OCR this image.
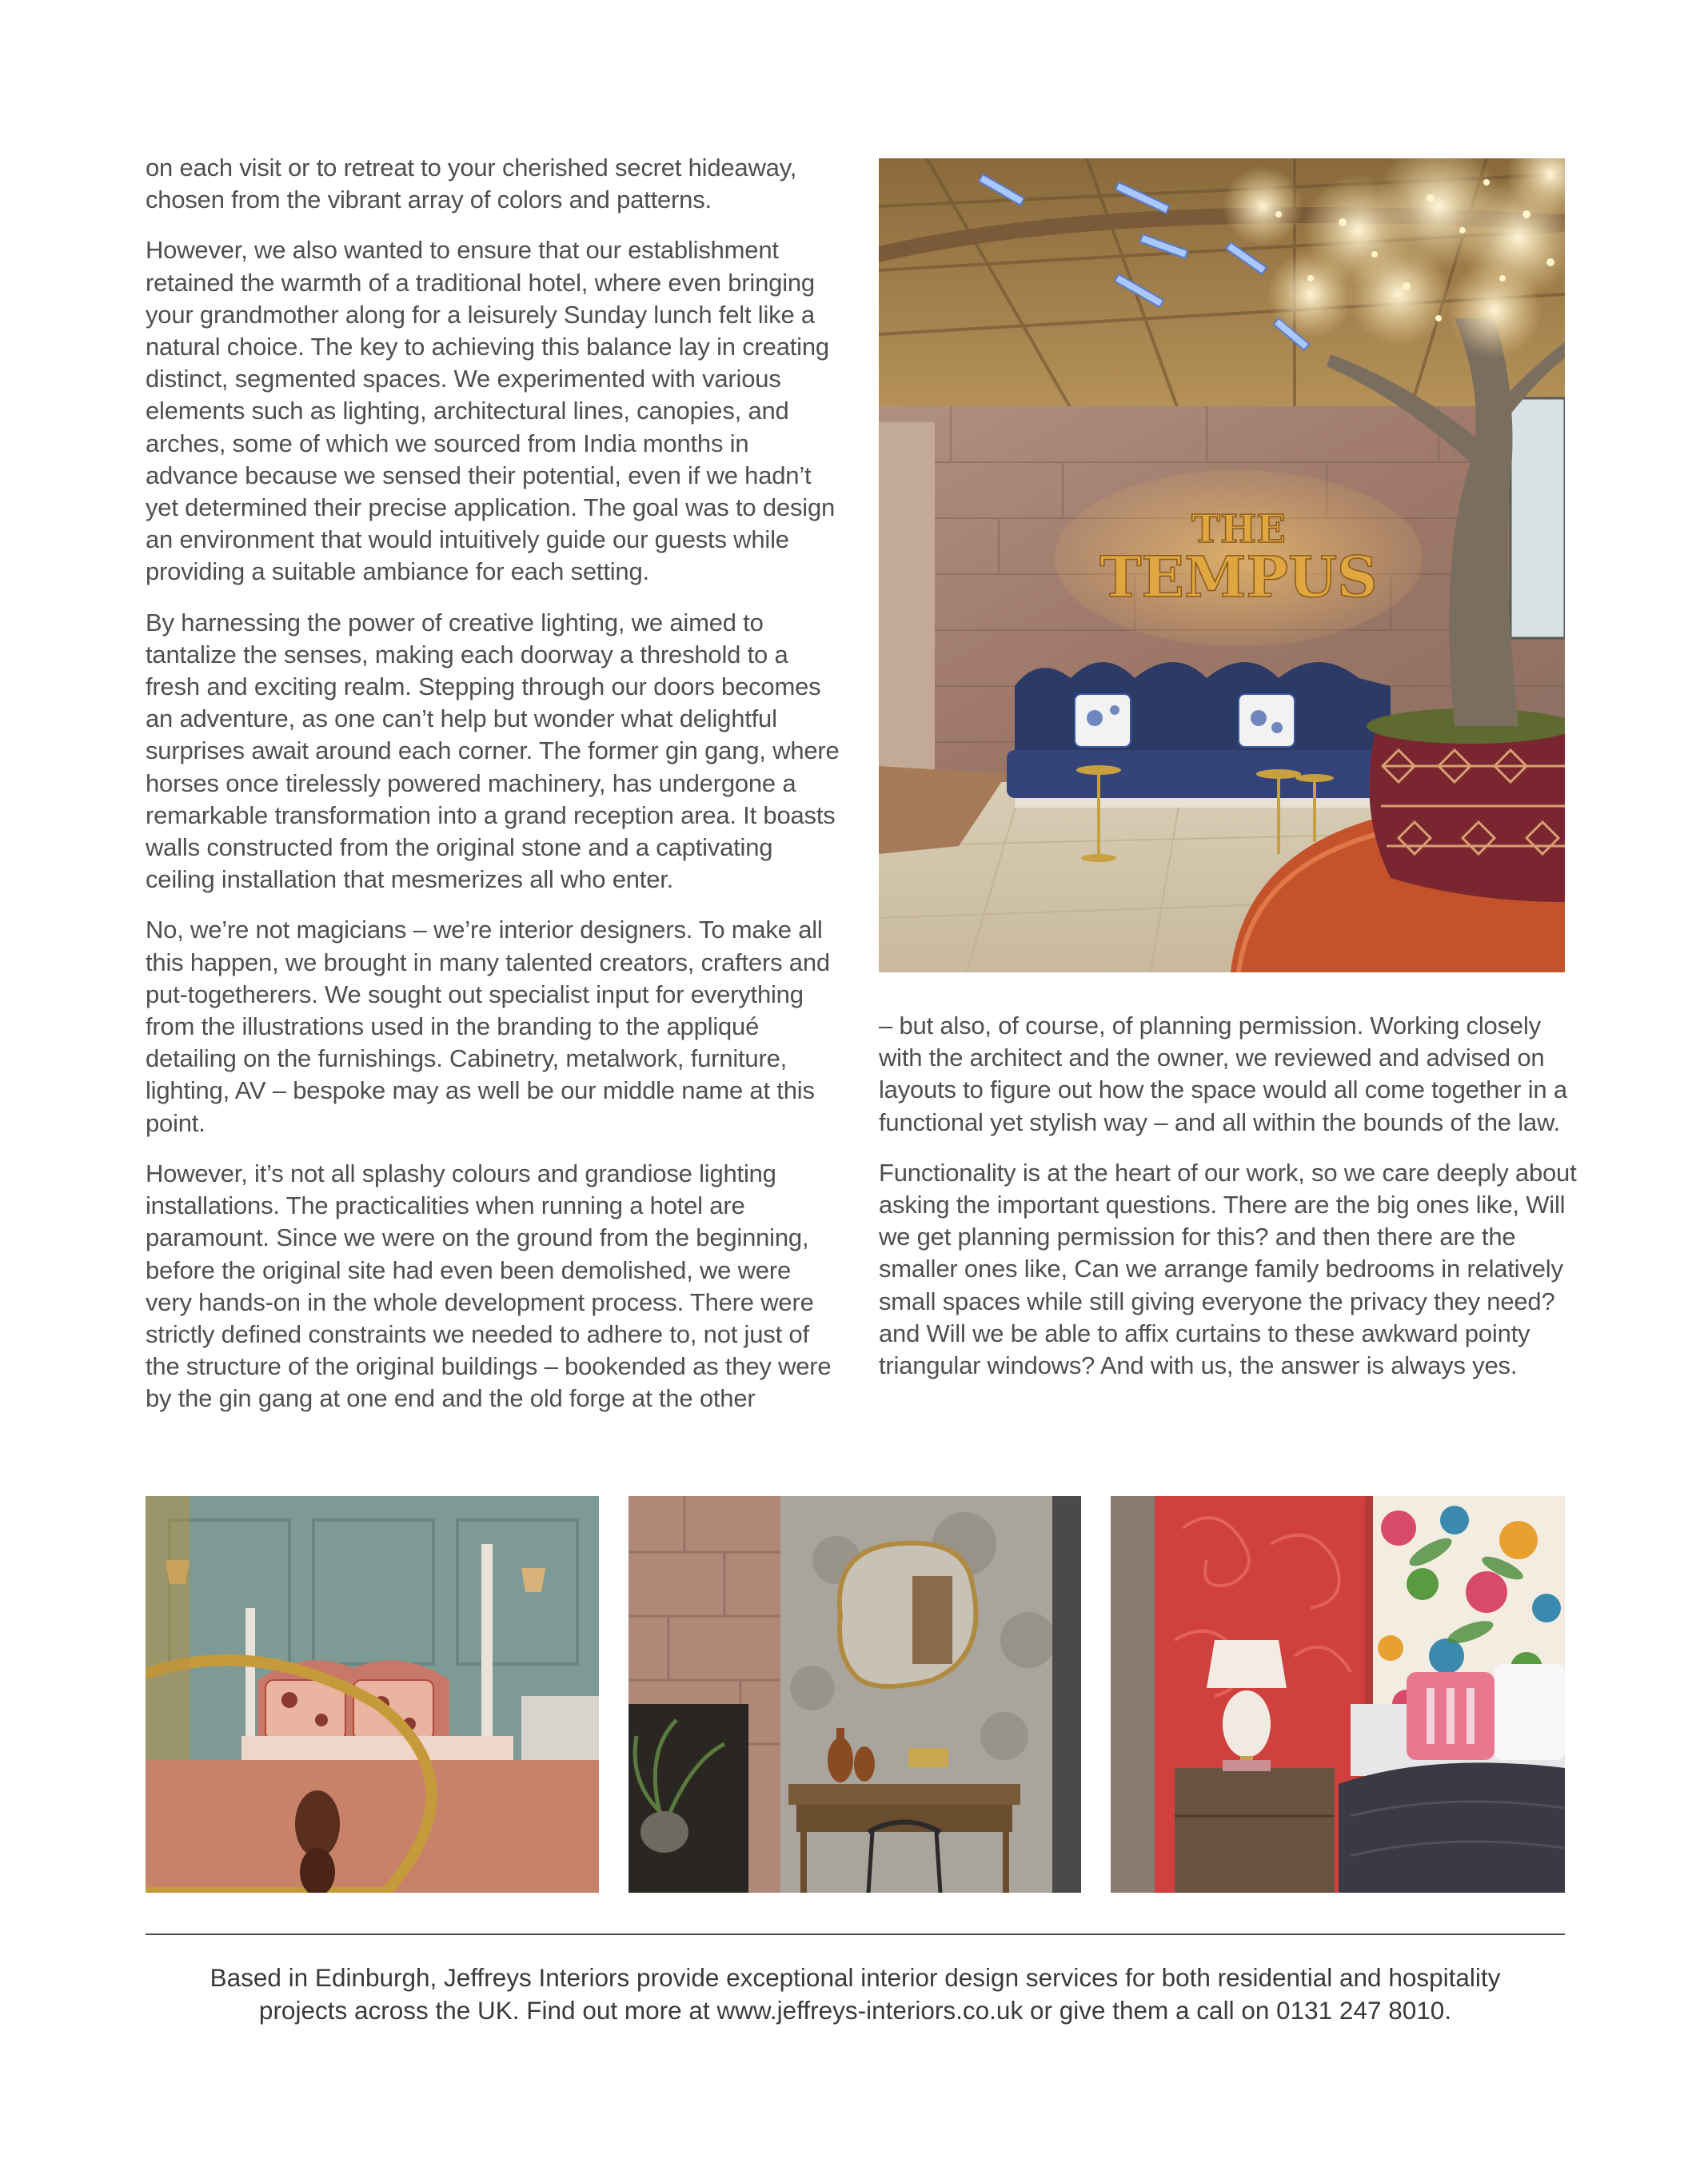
on each visit or to retreat to your cherished secret hideaway, chosen from the vibrant array of colors and patterns.

However, we also wanted to ensure that our establishment retained the warmth of a traditional hotel, where even bringing your grandmother along for a leisurely Sunday lunch felt like a natural choice. The key to achieving this balance lay in creating distinct, segmented spaces. We experimented with various elements such as lighting, architectural lines, canopies, and arches, some of which we sourced from India months in advance because we sensed their potential, even if we hadn’t yet determined their precise application. The goal was to design an environment that would intuitively guide our guests while providing a suitable ambiance for each setting.

By harnessing the power of creative lighting, we aimed to tantalize the senses, making each doorway a threshold to a fresh and exciting realm. Stepping through our doors becomes an adventure, as one can’t help but wonder what delightful surprises await around each corner. The former gin gang, where horses once tirelessly powered machinery, has undergone a remarkable transformation into a grand reception area. It boasts walls constructed from the original stone and a captivating ceiling installation that mesmerizes all who enter.

No, we’re not magicians – we’re interior designers. To make all this happen, we brought in many talented creators, crafters and put-togetherers. We sought out specialist input for everything from the illustrations used in the branding to the appliqué detailing on the furnishings. Cabinetry, metalwork, furniture, lighting, AV – bespoke may as well be our middle name at this point.

However, it’s not all splashy colours and grandiose lighting installations. The practicalities when running a hotel are paramount. Since we were on the ground from the beginning, before the original site had even been demolished, we were very hands-on in the whole development process. There were strictly defined constraints we needed to adhere to, not just of the structure of the original buildings – bookended as they were by the gin gang at one end and the old forge at the other

THE
TEMPUS

– but also, of course, of planning permission. Working closely with the architect and the owner, we reviewed and advised on layouts to figure out how the space would all come together in a functional yet stylish way – and all within the bounds of the law.

Functionality is at the heart of our work, so we care deeply about asking the important questions. There are the big ones like, Will we get planning permission for this? and then there are the smaller ones like, Can we arrange family bedrooms in relatively small spaces while still giving everyone the privacy they need? and Will we be able to affix curtains to these awkward pointy triangular windows? And with us, the answer is always yes.

Based in Edinburgh, Jeffreys Interiors provide exceptional interior design services for both residential and hospitality
projects across the UK. Find out more at www.jeffreys-interiors.co.uk or give them a call on 0131 247 8010.
